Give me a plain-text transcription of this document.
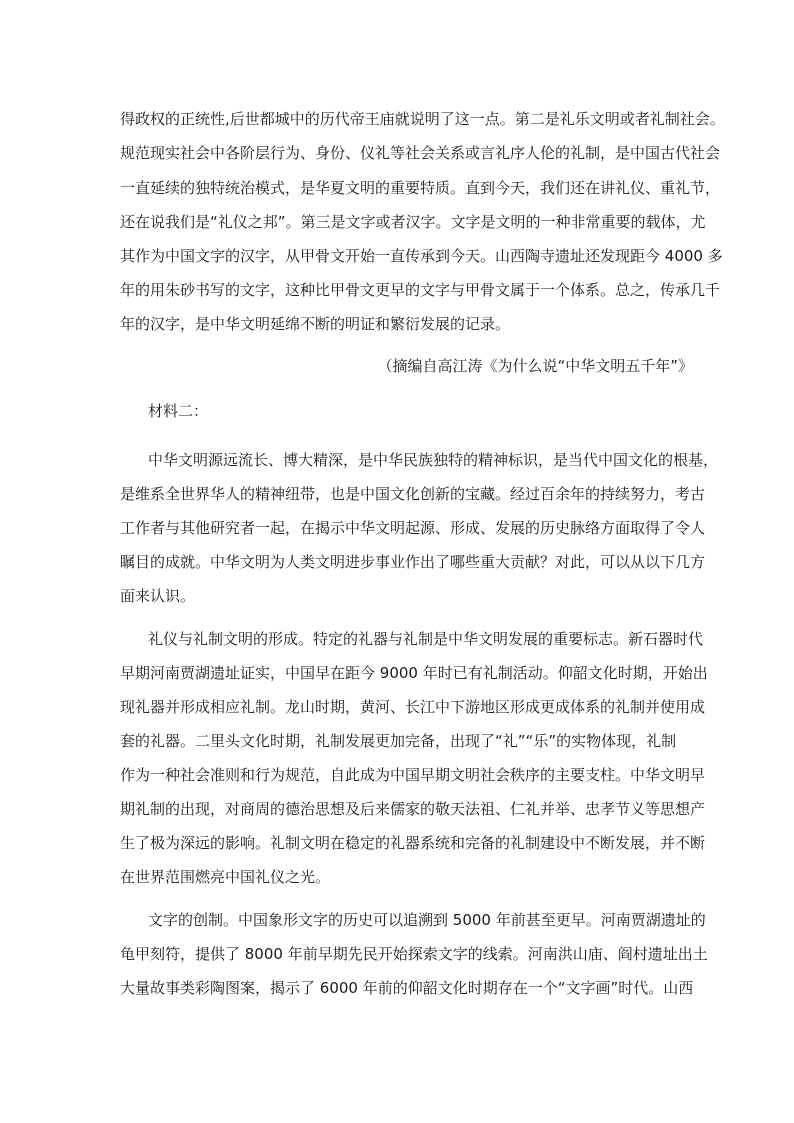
得政权的正统性,后世都城中的历代帝王庙就说明了这一点。第二是礼乐文明或者礼制社会。

规范现实社会中各阶层行为、身份、仪礼等社会关系或言礼序人伦的礼制，是中国古代社会

一直延续的独特统治模式，是华夏文明的重要特质。直到今天，我们还在讲礼仪、重礼节，

还在说我们是“礼仪之邦”。第三是文字或者汉字。文字是文明的一种非常重要的载体，尤

其作为中国文字的汉字，从甲骨文开始一直传承到今天。山西陶寺遗址还发现距今 4000 多

年的用朱砂书写的文字，这种比甲骨文更早的文字与甲骨文属于一个体系。总之，传承几千

年的汉字，是中华文明延绵不断的明证和繁衍发展的记录。

（摘编自高江涛《为什么说“中华文明五千年”》

材料二：

中华文明源远流长、博大精深，是中华民族独特的精神标识，是当代中国文化的根基，

是维系全世界华人的精神纽带，也是中国文化创新的宝藏。经过百余年的持续努力，考古

工作者与其他研究者一起，在揭示中华文明起源、形成、发展的历史脉络方面取得了令人

瞩目的成就。中华文明为人类文明进步事业作出了哪些重大贡献？对此，可以从以下几方

面来认识。

礼仪与礼制文明的形成。特定的礼器与礼制是中华文明发展的重要标志。新石器时代

早期河南贾湖遗址证实，中国早在距今 9000 年时已有礼制活动。仰韶文化时期，开始出

现礼器并形成相应礼制。龙山时期，黄河、长江中下游地区形成更成体系的礼制并使用成

套的礼器。二里头文化时期，礼制发展更加完备，出现了“礼”“乐”的实物体现，礼制

作为一种社会准则和行为规范，自此成为中国早期文明社会秩序的主要支柱。中华文明早

期礼制的出现，对商周的德治思想及后来儒家的敬天法祖、仁礼并举、忠孝节义等思想产

生了极为深远的影响。礼制文明在稳定的礼器系统和完备的礼制建设中不断发展，并不断

在世界范围燃亮中国礼仪之光。

文字的创制。中国象形文字的历史可以追溯到 5000 年前甚至更早。河南贾湖遗址的

龟甲刻符，提供了 8000 年前早期先民开始探索文字的线索。河南洪山庙、阎村遗址出土

大量故事类彩陶图案，揭示了 6000 年前的仰韶文化时期存在一个“文字画”时代。山西
